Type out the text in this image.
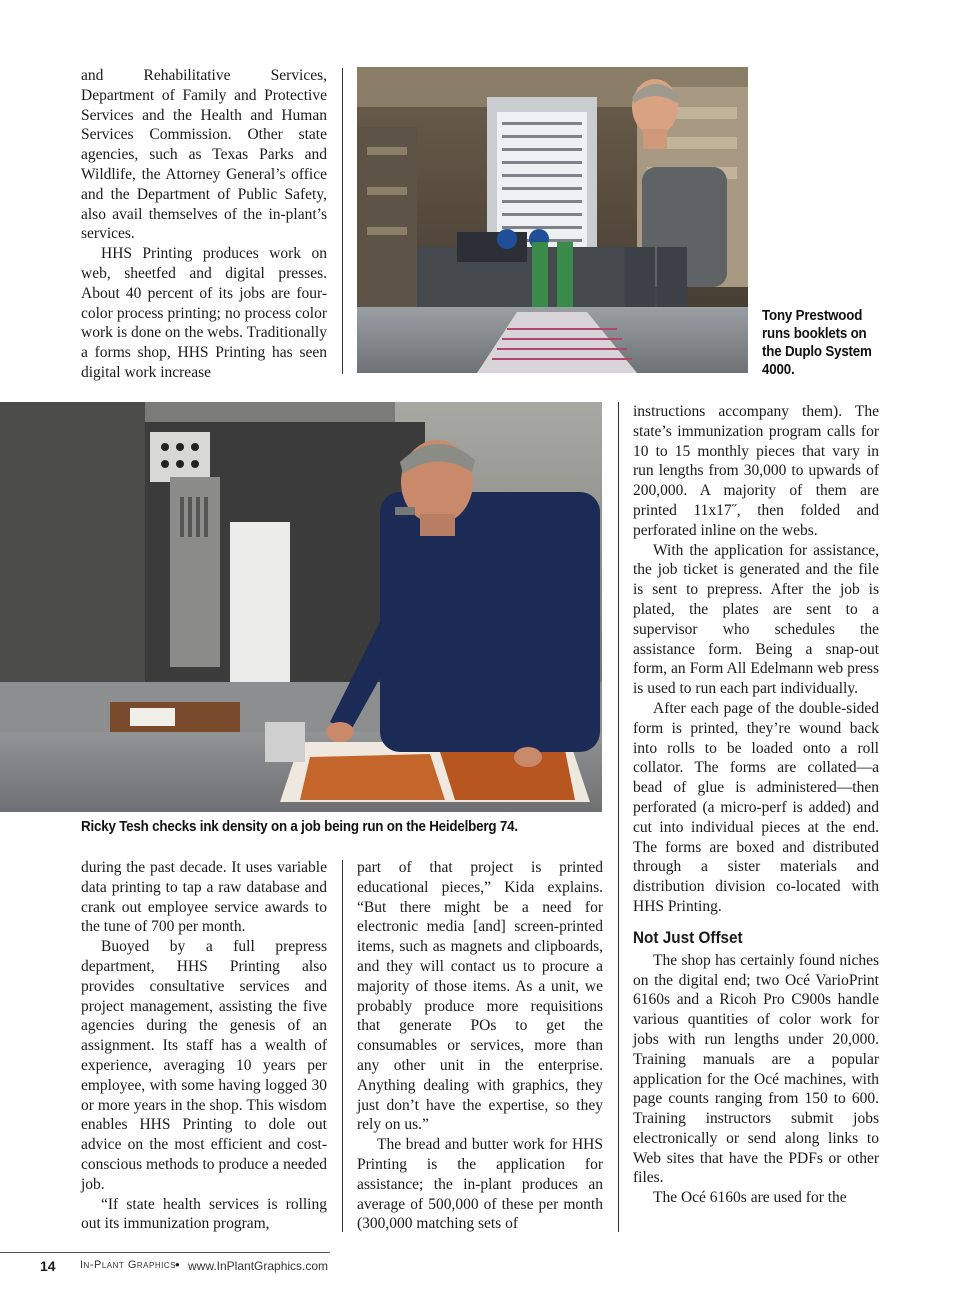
and Rehabilitative Services, Department of Family and Protective Services and the Health and Human Services Commission. Other state agencies, such as Texas Parks and Wildlife, the Attorney General’s office and the Department of Public Safety, also avail themselves of the in-plant’s services.

HHS Printing produces work on web, sheetfed and digital presses. About 40 percent of its jobs are four-color process printing; no process color work is done on the webs. Traditionally a forms shop, HHS Printing has seen digital work increase

Tony Prestwood runs booklets on the Duplo System 4000.
Ricky Tesh checks ink density on a job being run on the Heidelberg 74.

instructions accompany them). The state’s immunization program calls for 10 to 15 monthly pieces that vary in run lengths from 30,000 to upwards of 200,000. A majority of them are printed 11x17˝, then folded and perforated inline on the webs.

With the application for assistance, the job ticket is generated and the file is sent to prepress. After the job is plated, the plates are sent to a supervisor who schedules the assistance form. Being a snap-out form, an Form All Edelmann web press is used to run each part individually.

After each page of the double-sided form is printed, they’re wound back into rolls to be loaded onto a roll collator. The forms are collated—a bead of glue is administered—then perforated (a micro-perf is added) and cut into individual pieces at the end. The forms are boxed and distributed through a sister materials and distribution division co-located with HHS Printing.

Not Just Offset

The shop has certainly found niches on the digital end; two Océ VarioPrint 6160s and a Ricoh Pro C900s handle various quantities of color work for jobs with run lengths under 20,000. Training manuals are a popular application for the Océ machines, with page counts ranging from 150 to 600. Training instructors submit jobs electronically or send along links to Web sites that have the PDFs or other files.

The Océ 6160s are used for the

during the past decade. It uses variable data printing to tap a raw database and crank out employee service awards to the tune of 700 per month.

Buoyed by a full prepress department, HHS Printing also provides consultative services and project management, assisting the five agencies during the genesis of an assignment. Its staff has a wealth of experience, averaging 10 years per employee, with some having logged 30 or more years in the shop. This wisdom enables HHS Printing to dole out advice on the most efficient and cost-conscious methods to produce a needed job.

“If state health services is rolling out its immunization program,

part of that project is printed educational pieces,” Kida explains. “But there might be a need for electronic media [and] screen-printed items, such as magnets and clipboards, and they will contact us to procure a majority of those items. As a unit, we probably produce more requisitions that generate POs to get the consumables or services, more than any other unit in the enterprise. Anything dealing with graphics, they just don’t have the expertise, so they rely on us.”

The bread and butter work for HHS Printing is the application for assistance; the in-plant produces an average of 500,000 of these per month (300,000 matching sets of

14 In-Plant Graphics • www.InPlantGraphics.com
